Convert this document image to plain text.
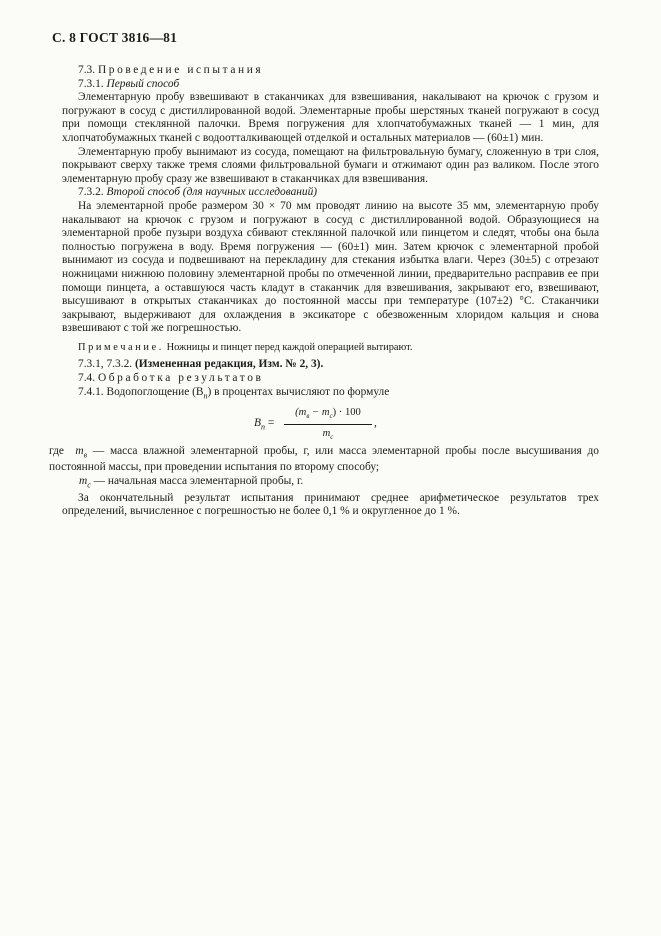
С. 8 ГОСТ 3816—81

7.3. Проведение испытания

7.3.1. Первый способ

Элементарную пробу взвешивают в стаканчиках для взвешивания, накалывают на крючок с грузом и погружают в сосуд с дистиллированной водой. Элементарные пробы шерстяных тканей погружают в сосуд при помощи стеклянной палочки. Время погружения для хлопчатобумажных тканей — 1 мин, для хлопчатобумажных тканей с водоотталкивающей отделкой и остальных материалов — (60±1) мин.

Элементарную пробу вынимают из сосуда, помещают на фильтровальную бумагу, сложенную в три слоя, покрывают сверху также тремя слоями фильтровальной бумаги и отжимают один раз валиком. После этого элементарную пробу сразу же взвешивают в стаканчиках для взвешивания.

7.3.2. Второй способ (для научных исследований)

На элементарной пробе размером 30 × 70 мм проводят линию на высоте 35 мм, элементарную пробу накалывают на крючок с грузом и погружают в сосуд с дистиллированной водой. Образующиеся на элементарной пробе пузыри воздуха сбивают стеклянной палочкой или пинцетом и следят, чтобы она была полностью погружена в воду. Время погружения — (60±1) мин. Затем крючок с элементарной пробой вынимают из сосуда и подвешивают на перекладину для стекания избытка влаги. Через (30±5) с отрезают ножницами нижнюю половину элементарной пробы по отмеченной линии, предварительно расправив ее при помощи пинцета, а оставшуюся часть кладут в стаканчик для взвешивания, закрывают его, взвешивают, высушивают в открытых стаканчиках до постоянной массы при температуре (107±2) °С. Стаканчики закрывают, выдерживают для охлаждения в эксикаторе с обезвоженным хлоридом кальция и снова взвешивают с той же погрешностью.

Примечание. Ножницы и пинцет перед каждой операцией вытирают.

7.3.1, 7.3.2. (Измененная редакция, Изм. № 2, 3).

7.4. Обработка результатов

7.4.1. Водопоглощение $(В_п)$ в процентах вычисляют по формуле

$В_п$ =
$(m_в - m_с) \cdot 100$
$m_с$
,

где $m_в$ — масса влажной элементарной пробы, г, или масса элементарной пробы после высушивания до постоянной массы, при проведении испытания по второму способу;

$m_с$ — начальная масса элементарной пробы, г.

За окончательный результат испытания принимают среднее арифметическое результатов трех определений, вычисленное с погрешностью не более 0,1 % и округленное до 1 %.
